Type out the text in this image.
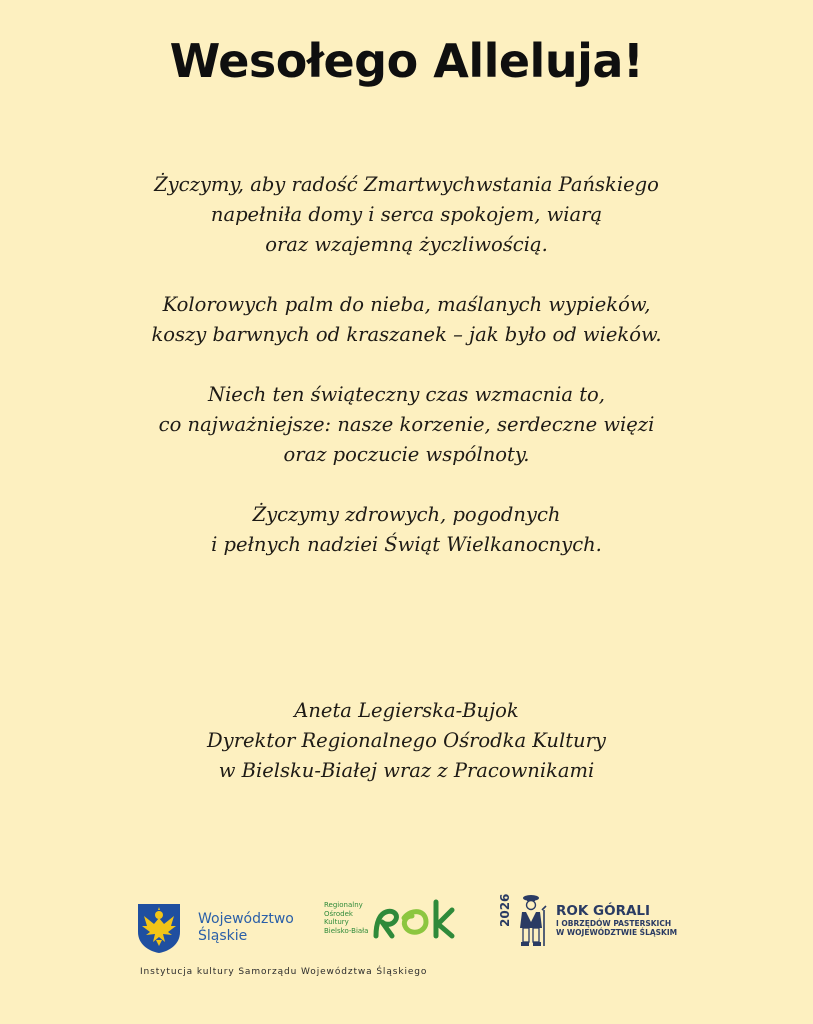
Wesołego Alleluja!
Życzymy, aby radość Zmartwychwstania Pańskiego
napełniła domy i serca spokojem, wiarą
oraz wzajemną życzliwością.
Kolorowych palm do nieba, maślanych wypieków,
koszy barwnych od kraszanek – jak było od wieków.
Niech ten świąteczny czas wzmacnia to,
co najważniejsze: nasze korzenie, serdeczne więzi
oraz poczucie wspólnoty.
Życzymy zdrowych, pogodnych
i pełnych nadziei Świąt Wielkanocnych.
Aneta Legierska-Bujok
Dyrektor Regionalnego Ośrodka Kultury
w Bielsku-Białej wraz z Pracownikami
Województwo
Śląskie
Regionalny
Ośrodek
Kultury
Bielsko-Biała
2026	ROK GÓRALI
I OBRZĘDÓW PASTERSKICH
W WOJEWÓDZTWIE ŚLĄSKIM
Instytucja kultury Samorządu Województwa Śląskiego
